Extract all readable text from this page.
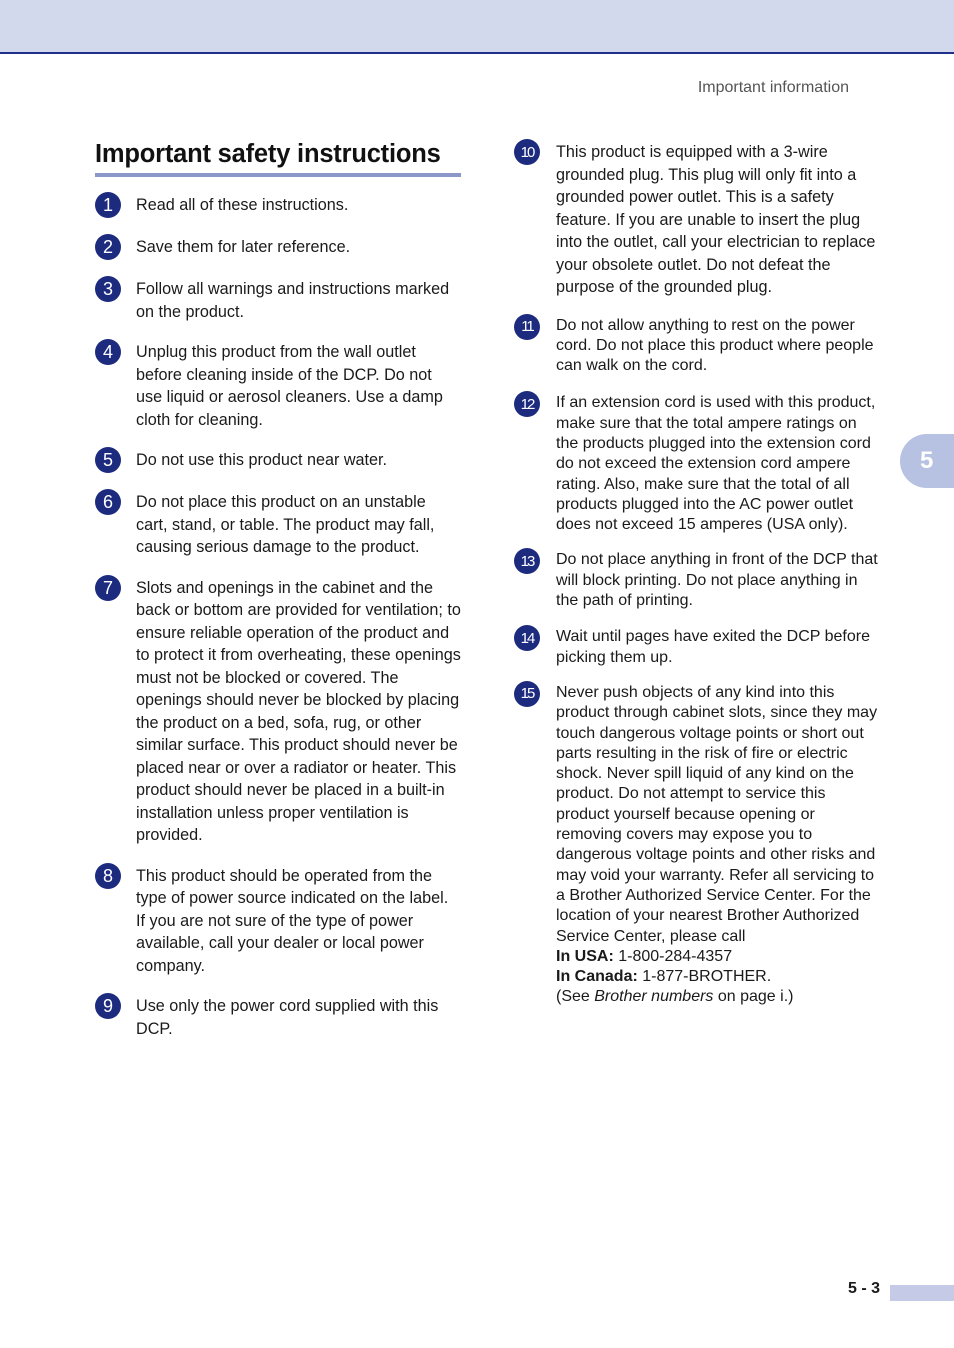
Important information
Important safety instructions
1	Read all of these instructions.
2	Save them for later reference.
3	Follow all warnings and instructions marked on the product.
4	Unplug this product from the wall outlet before cleaning inside of the DCP. Do not use liquid or aerosol cleaners. Use a damp cloth for cleaning.
5	Do not use this product near water.
6	Do not place this product on an unstable cart, stand, or table. The product may fall, causing serious damage to the product.
7	Slots and openings in the cabinet and the back or bottom are provided for ventilation; to ensure reliable operation of the product and to protect it from overheating, these openings must not be blocked or covered. The openings should never be blocked by placing the product on a bed, sofa, rug, or other similar surface. This product should never be placed near or over a radiator or heater. This product should never be placed in a built-in installation unless proper ventilation is provided.
8	This product should be operated from the type of power source indicated on the label. If you are not sure of the type of power available, call your dealer or local power company.
9	Use only the power cord supplied with this DCP.
10	This product is equipped with a 3-wire grounded plug. This plug will only fit into a grounded power outlet. This is a safety feature. If you are unable to insert the plug into the outlet, call your electrician to replace your obsolete outlet. Do not defeat the purpose of the grounded plug.
11	Do not allow anything to rest on the power cord. Do not place this product where people can walk on the cord.
12	If an extension cord is used with this product, make sure that the total ampere ratings on the products plugged into the extension cord do not exceed the extension cord ampere rating. Also, make sure that the total of all products plugged into the AC power outlet does not exceed 15 amperes (USA only).
13	Do not place anything in front of the DCP that will block printing. Do not place anything in the path of printing.
14	Wait until pages have exited the DCP before picking them up.
15	Never push objects of any kind into this product through cabinet slots, since they may touch dangerous voltage points or short out parts resulting in the risk of fire or electric shock. Never spill liquid of any kind on the product. Do not attempt to service this product yourself because opening or removing covers may expose you to dangerous voltage points and other risks and may void your warranty. Refer all servicing to a Brother Authorized Service Center. For the location of your nearest Brother Authorized Service Center, please call
In USA: 1-800-284-4357
In Canada: 1-877-BROTHER.
(See Brother numbers on page i.)
5
5 - 3
